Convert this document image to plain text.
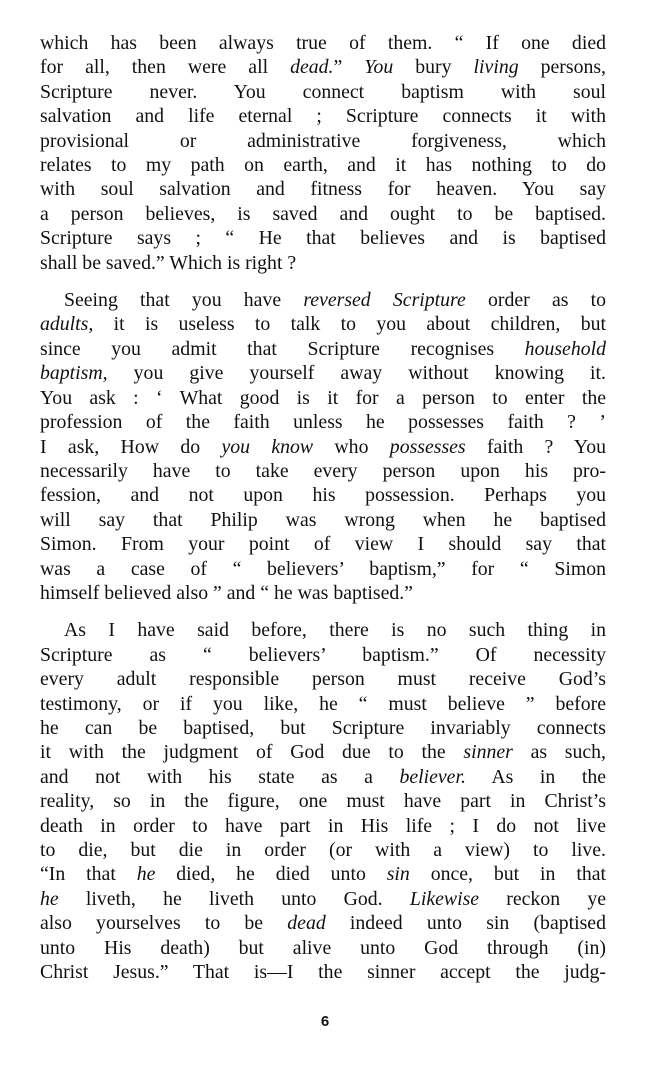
which has been always true of them. “ If one died
for all, then were all dead.” You bury living persons,
Scripture never. You connect baptism with soul
salvation and life eternal ; Scripture connects it with
provisional or administrative forgiveness, which
relates to my path on earth, and it has nothing to do
with soul salvation and fitness for heaven. You say
a person believes, is saved and ought to be baptised.
Scripture says ; “ He that believes and is baptised
shall be saved.” Which is right ?

Seeing that you have reversed Scripture order as to
adults, it is useless to talk to you about children, but
since you admit that Scripture recognises household
baptism, you give yourself away without knowing it.
You ask : ‘ What good is it for a person to enter the
profession of the faith unless he possesses faith ? ’
I ask, How do you know who possesses faith ? You
necessarily have to take every person upon his pro-
fession, and not upon his possession. Perhaps you
will say that Philip was wrong when he baptised
Simon. From your point of view I should say that
was a case of “ believers’ baptism,” for “ Simon
himself believed also ” and “ he was baptised.”

As I have said before, there is no such thing in
Scripture as “ believers’ baptism.” Of necessity
every adult responsible person must receive God’s
testimony, or if you like, he “ must believe ” before
he can be baptised, but Scripture invariably connects
it with the judgment of God due to the sinner as such,
and not with his state as a believer. As in the
reality, so in the figure, one must have part in Christ’s
death in order to have part in His life ; I do not live
to die, but die in order (or with a view) to live.
“In that he died, he died unto sin once, but in that
he liveth, he liveth unto God. Likewise reckon ye
also yourselves to be dead indeed unto sin (baptised
unto His death) but alive unto God through (in)
Christ Jesus.” That is—I the sinner accept the judg-

6
